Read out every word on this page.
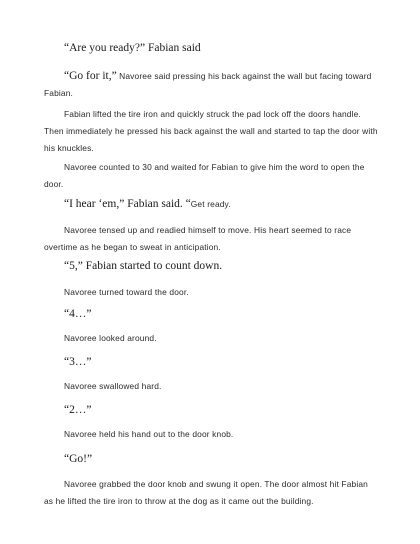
“Are you ready?” Fabian said

“Go for it,” Navoree said pressing his back against the wall but facing toward Fabian.

Fabian lifted the tire iron and quickly struck the pad lock off the doors handle. Then immediately he pressed his back against the wall and started to tap the door with his knuckles.

Navoree counted to 30 and waited for Fabian to give him the word to open the door.

“I hear ‘em,” Fabian said. “Get ready.

Navoree tensed up and readied himself to move. His heart seemed to race overtime as he began to sweat in anticipation.

“5,” Fabian started to count down.

Navoree turned toward the door.

“4…”

Navoree looked around.

“3…”

Navoree swallowed hard.

“2…”

Navoree held his hand out to the door knob.

“Go!”

Navoree grabbed the door knob and swung it open. The door almost hit Fabian as he lifted the tire iron to throw at the dog as it came out the building.
